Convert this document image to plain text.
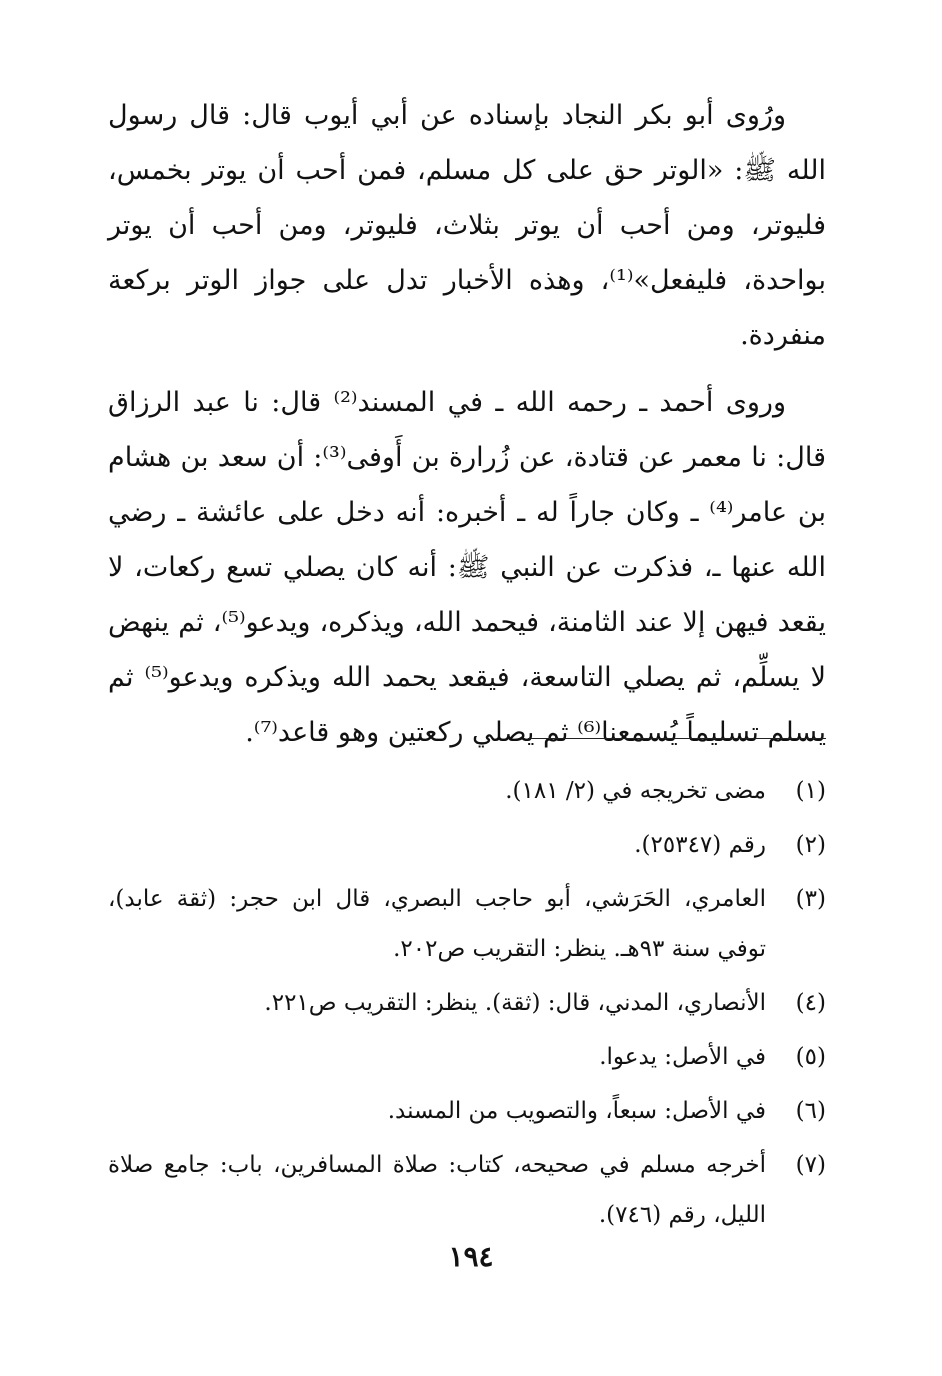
ورُوى أبو بكر النجاد بإسناده عن أبي أيوب قال: قال رسول الله ﷺ: «الوتر حق على كل مسلم، فمن أحب أن يوتر بخمس، فليوتر، ومن أحب أن يوتر بثلاث، فليوتر، ومن أحب أن يوتر بواحدة، فليفعل»⁽¹⁾، وهذه الأخبار تدل على جواز الوتر بركعة منفردة.

وروى أحمد ـ رحمه الله ـ في المسند⁽²⁾ قال: نا عبد الرزاق قال: نا معمر عن قتادة، عن زُرارة بن أَوفى⁽³⁾: أن سعد بن هشام بن عامر⁽⁴⁾ ـ وكان جاراً له ـ أخبره: أنه دخل على عائشة ـ رضي الله عنها ـ، فذكرت عن النبي ﷺ: أنه كان يصلي تسع ركعات، لا يقعد فيهن إلا عند الثامنة، فيحمد الله، ويذكره، ويدعو⁽⁵⁾، ثم ينهض لا يسلِّم، ثم يصلي التاسعة، فيقعد يحمد الله ويذكره ويدعو⁽⁵⁾ ثم يسلم تسليماً يُسمعنا⁽⁶⁾ ثم يصلي ركعتين وهو قاعد⁽⁷⁾.

(١)
مضى تخريجه في (٢/ ١٨١).
(٢)
رقم (٢٥٣٤٧).
(٣)
العامري، الحَرَشي، أبو حاجب البصري، قال ابن حجر: (ثقة عابد)، توفي سنة ٩٣هـ. ينظر: التقريب ص٢٠٢.
(٤)
الأنصاري، المدني، قال: (ثقة). ينظر: التقريب ص٢٢١.
(٥)
في الأصل: يدعوا.
(٦)
في الأصل: سبعاً، والتصويب من المسند.
(٧)
أخرجه مسلم في صحيحه، كتاب: صلاة المسافرين، باب: جامع صلاة الليل، رقم (٧٤٦).
١٩٤
